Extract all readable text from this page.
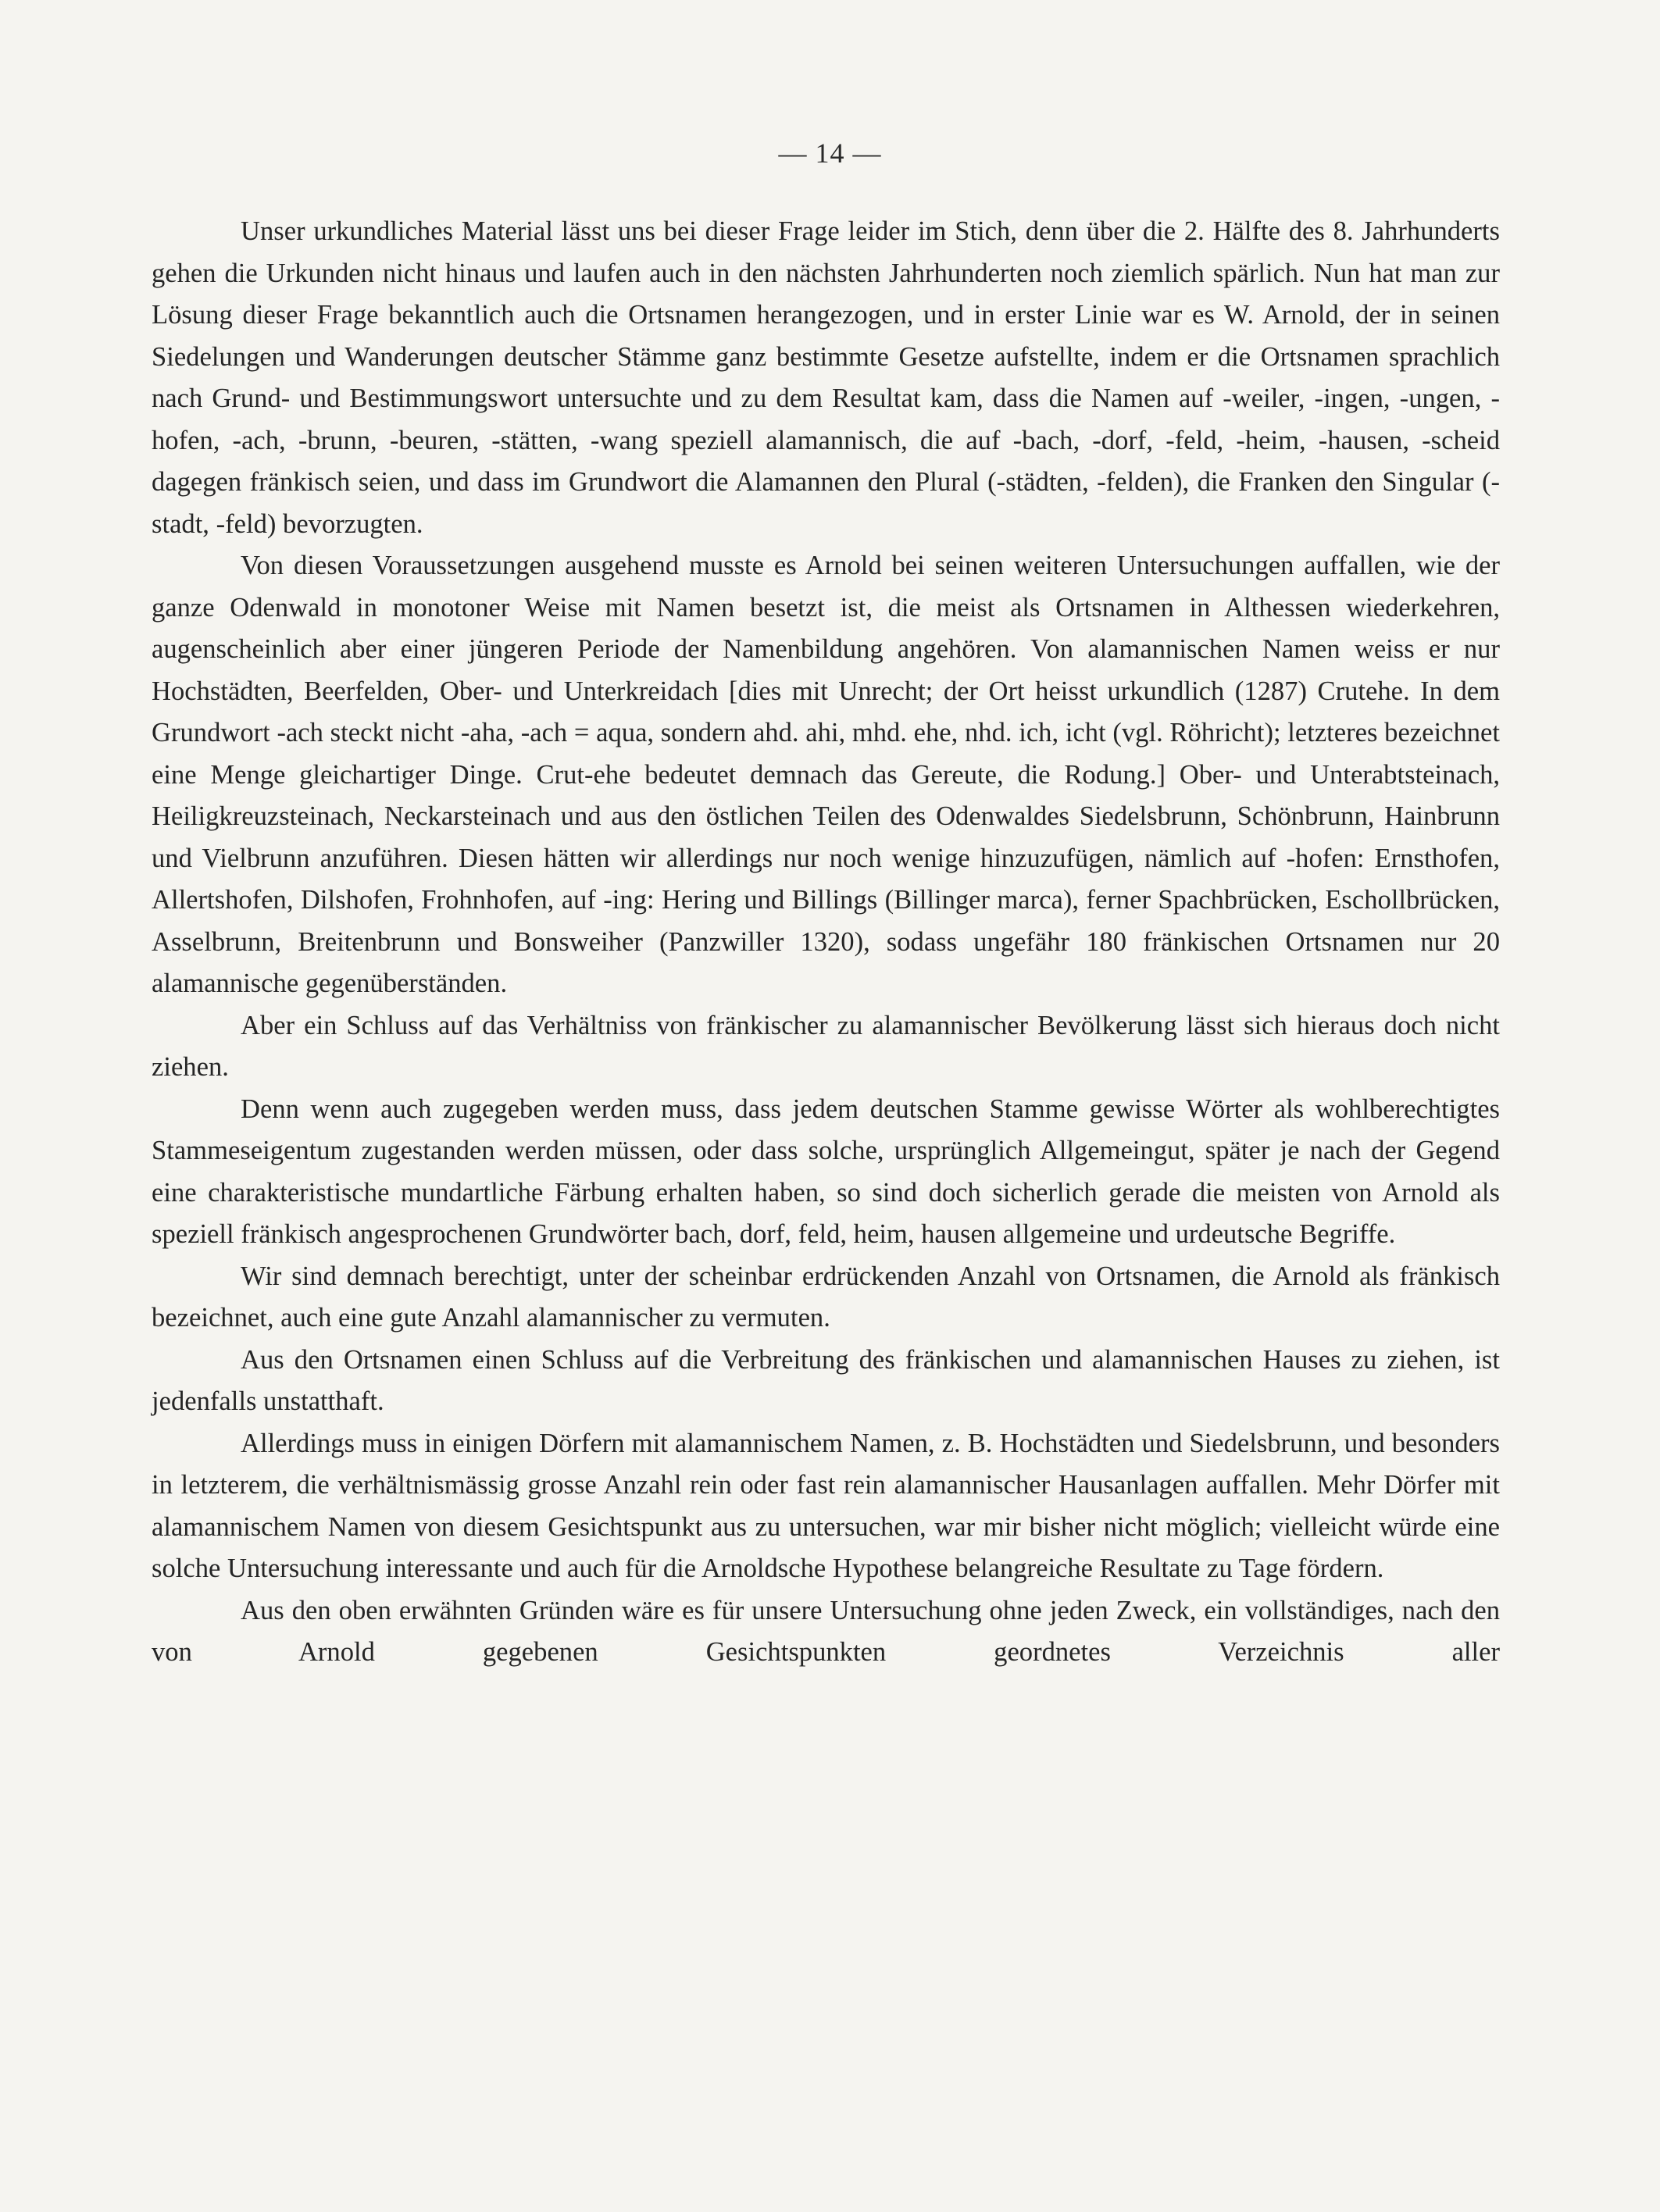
— 14 —

Unser urkundliches Material lässt uns bei dieser Frage leider im Stich, denn über die 2. Hälfte des 8. Jahrhunderts gehen die Urkunden nicht hinaus und laufen auch in den nächsten Jahrhunderten noch ziemlich spärlich. Nun hat man zur Lösung dieser Frage bekanntlich auch die Ortsnamen herangezogen, und in erster Linie war es W. Arnold, der in seinen Siedelungen und Wanderungen deutscher Stämme ganz bestimmte Gesetze aufstellte, indem er die Ortsnamen sprachlich nach Grund- und Bestimmungswort untersuchte und zu dem Resultat kam, dass die Namen auf -weiler, -ingen, -ungen, -hofen, -ach, -brunn, -beuren, -stätten, -wang speziell alamannisch, die auf -bach, -dorf, -feld, -heim, -hausen, -scheid dagegen fränkisch seien, und dass im Grundwort die Alamannen den Plural (-städten, -felden), die Franken den Singular (-stadt, -feld) bevorzugten.

Von diesen Voraussetzungen ausgehend musste es Arnold bei seinen weiteren Untersuchungen auffallen, wie der ganze Odenwald in monotoner Weise mit Namen besetzt ist, die meist als Ortsnamen in Althessen wiederkehren, augenscheinlich aber einer jüngeren Periode der Namenbildung angehören. Von alamannischen Namen weiss er nur Hochstädten, Beerfelden, Ober- und Unterkreidach [dies mit Unrecht; der Ort heisst urkundlich (1287) Crutehe. In dem Grundwort -ach steckt nicht -aha, -ach = aqua, sondern ahd. ahi, mhd. ehe, nhd. ich, icht (vgl. Röhricht); letzteres bezeichnet eine Menge gleichartiger Dinge. Crut-ehe bedeutet demnach das Gereute, die Rodung.] Ober- und Unterabtsteinach, Heiligkreuzsteinach, Neckarsteinach und aus den östlichen Teilen des Odenwaldes Siedelsbrunn, Schönbrunn, Hainbrunn und Vielbrunn anzuführen. Diesen hätten wir allerdings nur noch wenige hinzuzufügen, nämlich auf -hofen: Ernsthofen, Allertshofen, Dilshofen, Frohnhofen, auf -ing: Hering und Billings (Billinger marca), ferner Spachbrücken, Eschollbrücken, Asselbrunn, Breitenbrunn und Bonsweiher (Panzwiller 1320), sodass ungefähr 180 fränkischen Ortsnamen nur 20 alamannische gegenüberständen.

Aber ein Schluss auf das Verhältniss von fränkischer zu alamannischer Bevölkerung lässt sich hieraus doch nicht ziehen.

Denn wenn auch zugegeben werden muss, dass jedem deutschen Stamme gewisse Wörter als wohlberechtigtes Stammeseigentum zugestanden werden müssen, oder dass solche, ursprünglich Allgemeingut, später je nach der Gegend eine charakteristische mundartliche Färbung erhalten haben, so sind doch sicherlich gerade die meisten von Arnold als speziell fränkisch angesprochenen Grundwörter bach, dorf, feld, heim, hausen allgemeine und urdeutsche Begriffe.

Wir sind demnach berechtigt, unter der scheinbar erdrückenden Anzahl von Ortsnamen, die Arnold als fränkisch bezeichnet, auch eine gute Anzahl alamannischer zu vermuten.

Aus den Ortsnamen einen Schluss auf die Verbreitung des fränkischen und alamannischen Hauses zu ziehen, ist jedenfalls unstatthaft.

Allerdings muss in einigen Dörfern mit alamannischem Namen, z. B. Hochstädten und Siedelsbrunn, und besonders in letzterem, die verhältnismässig grosse Anzahl rein oder fast rein alamannischer Hausanlagen auffallen. Mehr Dörfer mit alamannischem Namen von diesem Gesichtspunkt aus zu untersuchen, war mir bisher nicht möglich; vielleicht würde eine solche Untersuchung interessante und auch für die Arnoldsche Hypothese belangreiche Resultate zu Tage fördern.

Aus den oben erwähnten Gründen wäre es für unsere Untersuchung ohne jeden Zweck, ein vollständiges, nach den von Arnold gegebenen Gesichtspunkten geordnetes Verzeichnis aller
